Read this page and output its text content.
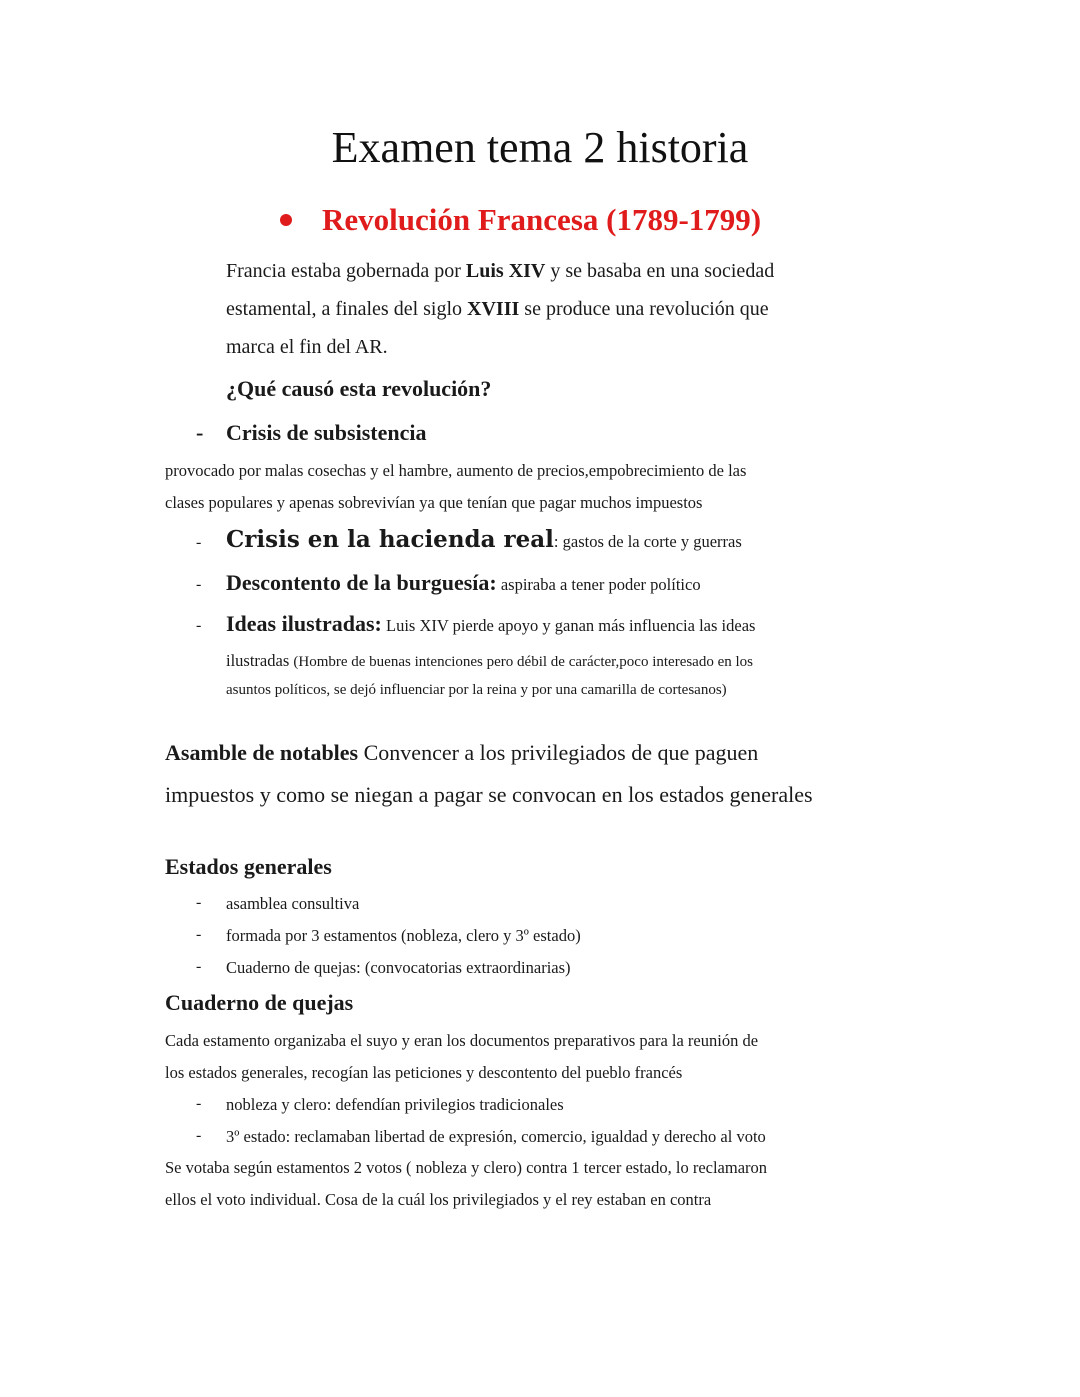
Examen tema 2 historia
Revolución Francesa (1789-1799)
Francia estaba gobernada por Luis XIV y se basaba en una sociedad
estamental, a finales del siglo XVIII se produce una revolución que
marca el fin del AR.
¿Qué causó esta revolución?
- Crisis de subsistencia
provocado por malas cosechas y el hambre, aumento de precios,empobrecimiento de las
clases populares y apenas sobrevivían ya que tenían que pagar muchos impuestos
- Crisis en la hacienda real: gastos de la corte y guerras
- Descontento de la burguesía: aspiraba a tener poder político
- Ideas ilustradas: Luis XIV pierde apoyo y ganan más influencia las ideas
ilustradas (Hombre de buenas intenciones pero débil de carácter,poco interesado en los
asuntos políticos, se dejó influenciar por la reina y por una camarilla de cortesanos)
Asamble de notables Convencer a los privilegiados de que paguen
impuestos y como se niegan a pagar se convocan en los estados generales
Estados generales
- asamblea consultiva
- formada por 3 estamentos (nobleza, clero y 3º estado)
- Cuaderno de quejas: (convocatorias extraordinarias)
Cuaderno de quejas
Cada estamento organizaba el suyo y eran los documentos preparativos para la reunión de
los estados generales, recogían las peticiones y descontento del pueblo francés
- nobleza y clero: defendían privilegios tradicionales
- 3º estado: reclamaban libertad de expresión, comercio, igualdad y derecho al voto
Se votaba según estamentos 2 votos ( nobleza y clero) contra 1 tercer estado, lo reclamaron
ellos el voto individual. Cosa de la cuál los privilegiados y el rey estaban en contra
